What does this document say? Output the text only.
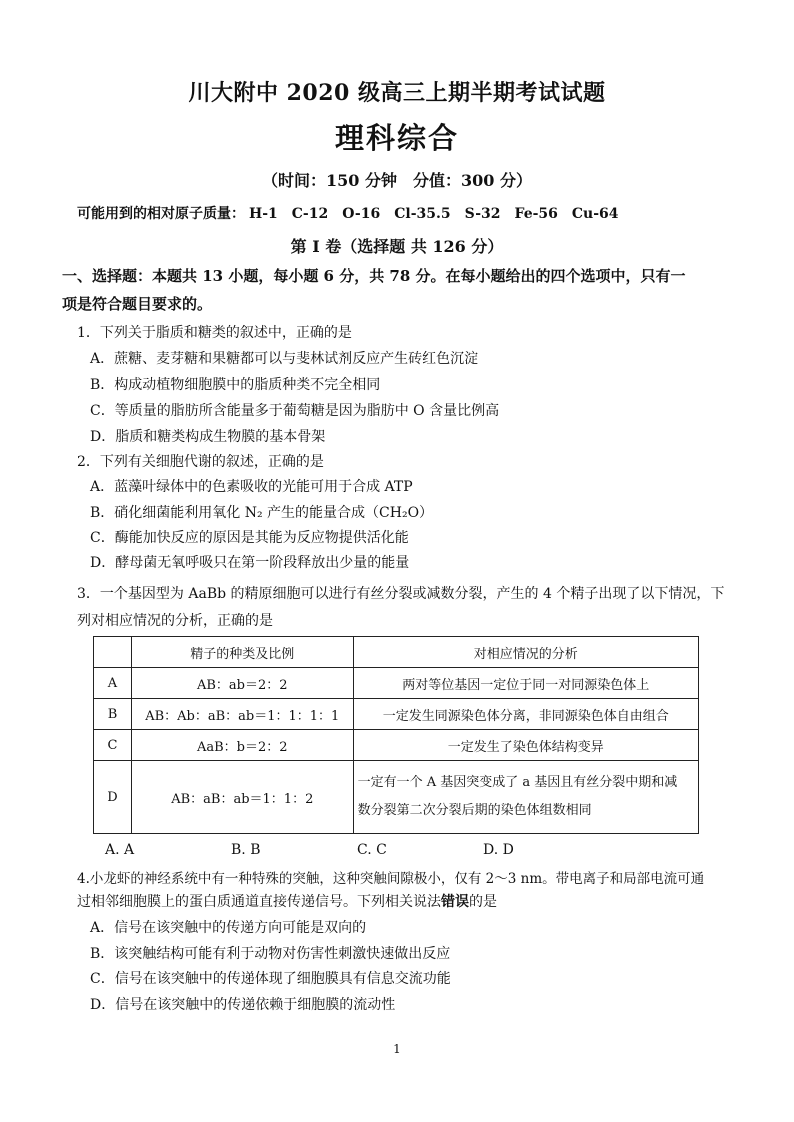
川大附中 2020 级高三上期半期考试试题
理科综合
（时间：150 分钟　分值：300 分）
可能用到的相对原子质量： H-1 C-12 O-16 Cl-35.5 S-32 Fe-56 Cu-64
第 I 卷（选择题 共 126 分）
一、选择题：本题共 13 小题，每小题 6 分，共 78 分。在每小题给出的四个选项中，只有一
项是符合题目要求的。
1．下列关于脂质和糖类的叙述中，正确的是
A．蔗糖、麦芽糖和果糖都可以与斐林试剂反应产生砖红色沉淀
B．构成动植物细胞膜中的脂质种类不完全相同
C．等质量的脂肪所含能量多于葡萄糖是因为脂肪中 O 含量比例高
D．脂质和糖类构成生物膜的基本骨架
2．下列有关细胞代谢的叙述，正确的是
A．蓝藻叶绿体中的色素吸收的光能可用于合成 ATP
B．硝化细菌能利用氧化 N₂ 产生的能量合成（CH₂O）
C．酶能加快反应的原因是其能为反应物提供活化能
D．酵母菌无氧呼吸只在第一阶段释放出少量的能量
3．一个基因型为 AaBb 的精原细胞可以进行有丝分裂或减数分裂，产生的 4 个精子出现了以下情况，下
列对相应情况的分析，正确的是
	精子的种类及比例	对相应情况的分析
A	AB：ab＝2：2	两对等位基因一定位于同一对同源染色体上
B	AB：Ab：aB：ab＝1：1：1：1	一定发生同源染色体分离，非同源染色体自由组合
C	AaB：b＝2：2	一定发生了染色体结构变异
D	AB：aB：ab＝1：1：2	一定有一个 A 基因突变成了 a 基因且有丝分裂中期和减
数分裂第二次分裂后期的染色体组数相同
A. A	B. B	C. C	D. D
4.小龙虾的神经系统中有一种特殊的突触，这种突触间隙极小，仅有 2～3 nm。带电离子和局部电流可通
过相邻细胞膜上的蛋白质通道直接传递信号。下列相关说法错误的是
A．信号在该突触中的传递方向可能是双向的
B．该突触结构可能有利于动物对伤害性刺激快速做出反应
C．信号在该突触中的传递体现了细胞膜具有信息交流功能
D．信号在该突触中的传递依赖于细胞膜的流动性
1
